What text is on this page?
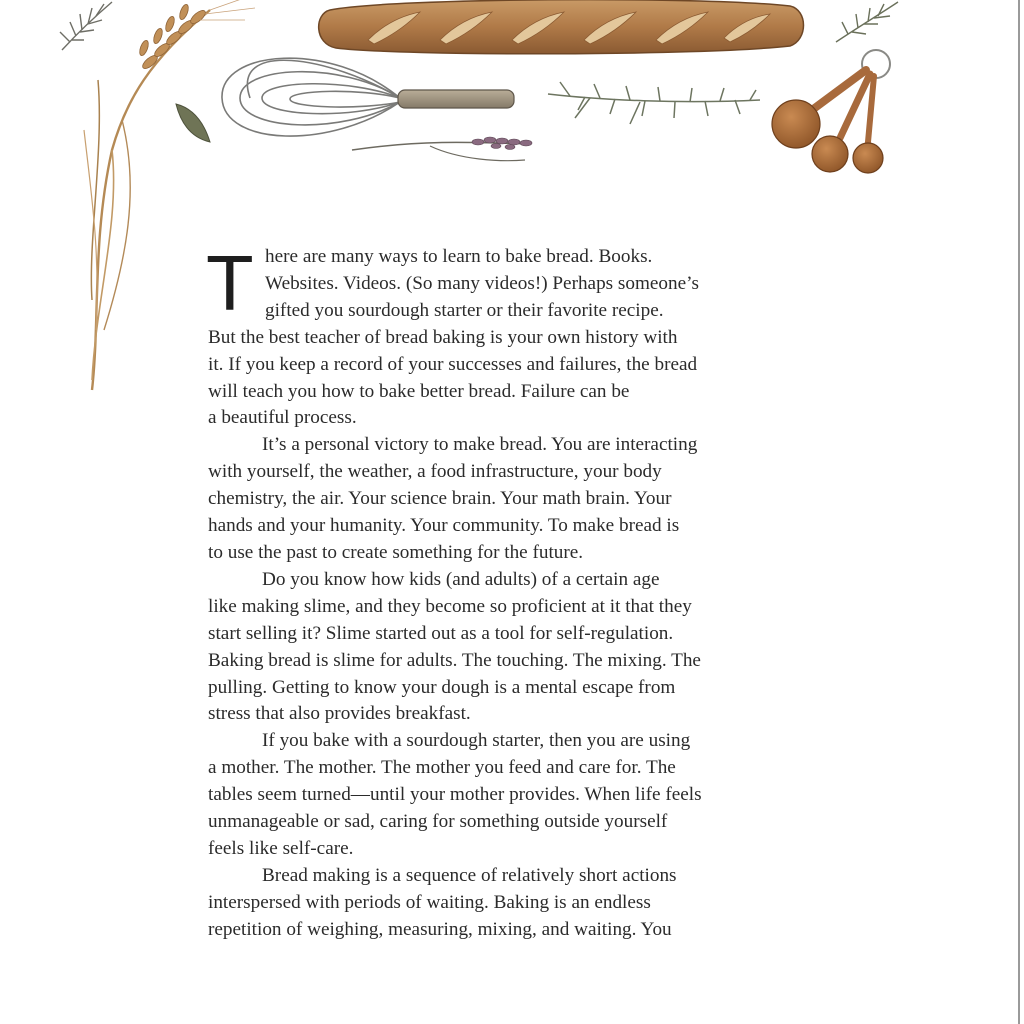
T here are many ways to learn to bake bread. Books.
Websites. Videos. (So many videos!) Perhaps someone’s
gifted you sourdough starter or their favorite recipe.
But the best teacher of bread baking is your own history with
it. If you keep a record of your successes and failures, the bread
will teach you how to bake better bread. Failure can be
a beautiful process.

It’s a personal victory to make bread. You are interacting
with yourself, the weather, a food infrastructure, your body
chemistry, the air. Your science brain. Your math brain. Your
hands and your humanity. Your community. To make bread is
to use the past to create something for the future.

Do you know how kids (and adults) of a certain age
like making slime, and they become so proficient at it that they
start selling it? Slime started out as a tool for self-regulation.
Baking bread is slime for adults. The touching. The mixing. The
pulling. Getting to know your dough is a mental escape from
stress that also provides breakfast.

If you bake with a sourdough starter, then you are using
a mother. The mother. The mother you feed and care for. The
tables seem turned—until your mother provides. When life feels
unmanageable or sad, caring for something outside yourself
feels like self-care.

Bread making is a sequence of relatively short actions
interspersed with periods of waiting. Baking is an endless
repetition of weighing, measuring, mixing, and waiting. You
